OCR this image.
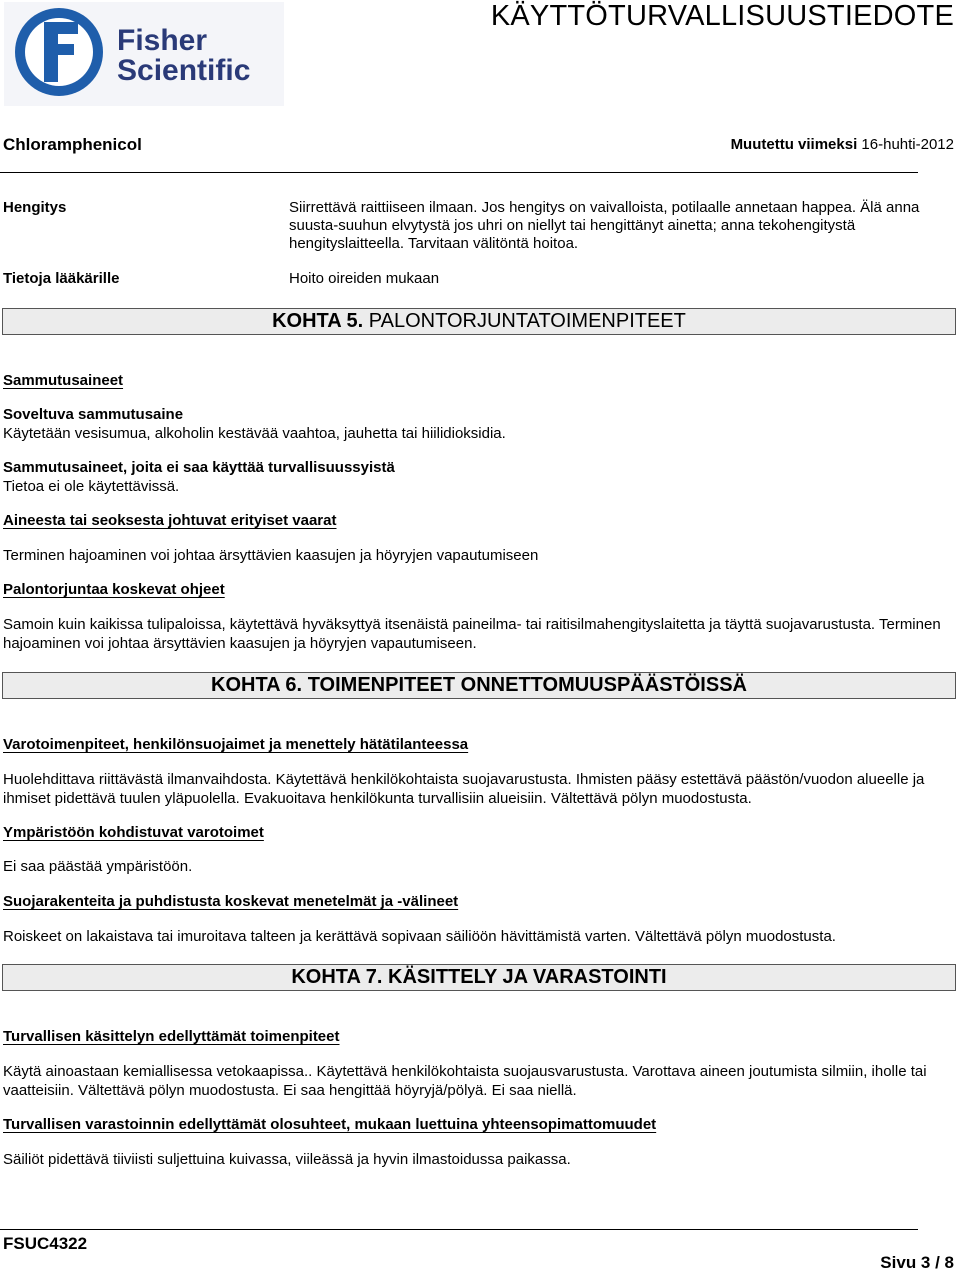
Fisher
Scientific
KÄYTTÖTURVALLISUUSTIEDOTE
Chloramphenicol	Muutettu viimeksi 16-huhti-2012
Hengitys	Siirrettävä raittiiseen ilmaan. Jos hengitys on vaivalloista, potilaalle annetaan happea. Älä anna suusta-suuhun elvytystä jos uhri on niellyt tai hengittänyt ainetta; anna tekohengitystä hengityslaitteella. Tarvitaan välitöntä hoitoa.
Tietoja lääkärille	Hoito oireiden mukaan
KOHTA 5. PALONTORJUNTATOIMENPITEET
Sammutusaineet
Soveltuva sammutusaine
Käytetään vesisumua, alkoholin kestävää vaahtoa, jauhetta tai hiilidioksidia.
Sammutusaineet, joita ei saa käyttää turvallisuussyistä
Tietoa ei ole käytettävissä.
Aineesta tai seoksesta johtuvat erityiset vaarat
Terminen hajoaminen voi johtaa ärsyttävien kaasujen ja höyryjen vapautumiseen
Palontorjuntaa koskevat ohjeet
Samoin kuin kaikissa tulipaloissa, käytettävä hyväksyttyä itsenäistä paineilma- tai raitisilmahengityslaitetta ja täyttä suojavarustusta. Terminen hajoaminen voi johtaa ärsyttävien kaasujen ja höyryjen vapautumiseen.
KOHTA 6. TOIMENPITEET ONNETTOMUUSPÄÄSTÖISSÄ
Varotoimenpiteet, henkilönsuojaimet ja menettely hätätilanteessa
Huolehdittava riittävästä ilmanvaihdosta. Käytettävä henkilökohtaista suojavarustusta. Ihmisten pääsy estettävä päästön/vuodon alueelle ja ihmiset pidettävä tuulen yläpuolella. Evakuoitava henkilökunta turvallisiin alueisiin. Vältettävä pölyn muodostusta.
Ympäristöön kohdistuvat varotoimet
Ei saa päästää ympäristöön.
Suojarakenteita ja puhdistusta koskevat menetelmät ja -välineet
Roiskeet on lakaistava tai imuroitava talteen ja kerättävä sopivaan säiliöön hävittämistä varten. Vältettävä pölyn muodostusta.
KOHTA 7. KÄSITTELY JA VARASTOINTI
Turvallisen käsittelyn edellyttämät toimenpiteet
Käytä ainoastaan kemiallisessa vetokaapissa.. Käytettävä henkilökohtaista suojausvarustusta. Varottava aineen joutumista silmiin, iholle tai vaatteisiin. Vältettävä pölyn muodostusta. Ei saa hengittää höyryjä/pölyä. Ei saa niellä.
Turvallisen varastoinnin edellyttämät olosuhteet, mukaan luettuina yhteensopimattomuudet
Säiliöt pidettävä tiiviisti suljettuina kuivassa, viileässä ja hyvin ilmastoidussa paikassa.
FSUC4322
Sivu 3 / 8
